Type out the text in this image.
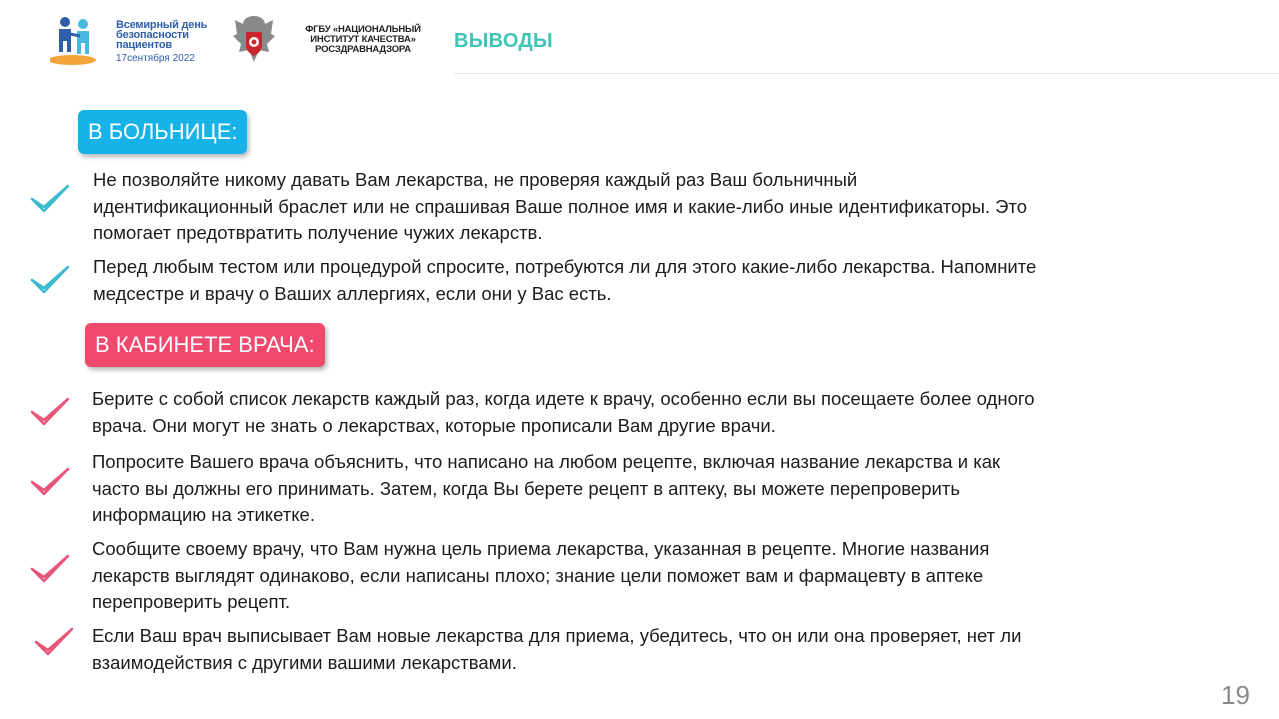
Всемирный день
безопасности
пациентов
17сентября 2022
ФГБУ «НАЦИОНАЛЬНЫЙ
ИНСТИТУТ КАЧЕСТВА»
РОСЗДРАВНАДЗОРА	ВЫВОДЫ
В БОЛЬНИЦЕ:
В КАБИНЕТЕ ВРАЧА:
Не позволяйте никому давать Вам лекарства, не проверяя каждый раз Ваш больничный
идентификационный браслет или не спрашивая Ваше полное имя и какие-либо иные идентификаторы. Это
помогает предотвратить получение чужих лекарств.
Перед любым тестом или процедурой спросите, потребуются ли для этого какие-либо лекарства. Напомните
медсестре и врачу о Ваших аллергиях, если они у Вас есть.
Берите с собой список лекарств каждый раз, когда идете к врачу, особенно если вы посещаете более одного
врача. Они могут не знать о лекарствах, которые прописали Вам другие врачи.
Попросите Вашего врача объяснить, что написано на любом рецепте, включая название лекарства и как
часто вы должны его принимать. Затем, когда Вы берете рецепт в аптеку, вы можете перепроверить
информацию на этикетке.
Сообщите своему врачу, что Вам нужна цель приема лекарства, указанная в рецепте. Многие названия
лекарств выглядят одинаково, если написаны плохо; знание цели поможет вам и фармацевту в аптеке
перепроверить рецепт.
Если Ваш врач выписывает Вам новые лекарства для приема, убедитесь, что он или она проверяет, нет ли
взаимодействия с другими вашими лекарствами.
19
